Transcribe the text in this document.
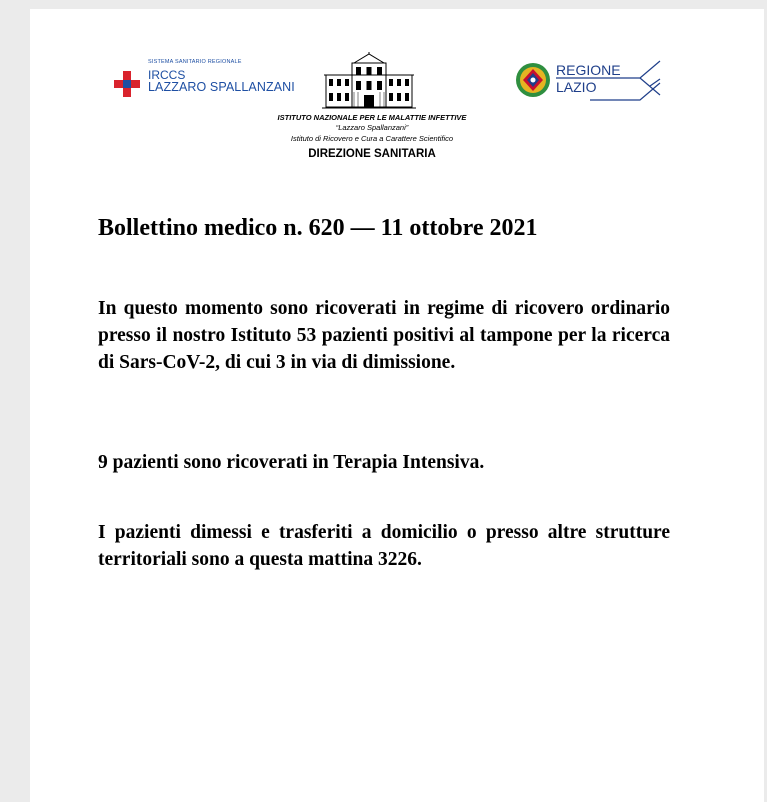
SISTEMA SANITARIO REGIONALE
IRCCS
LAZZARO SPALLANZANI
ISTITUTO NAZIONALE PER LE MALATTIE INFETTIVE
“Lazzaro Spallanzani”
Istituto di Ricovero e Cura a Carattere Scientifico
DIREZIONE SANITARIA
REGIONE
LAZIO
Bollettino medico n. 620 — 11 ottobre 2021
In questo momento sono ricoverati in regime di ricovero ordinario presso il nostro Istituto 53 pazienti positivi al tampone per la ricerca di Sars-CoV-2, di cui 3 in via di dimissione.
9 pazienti sono ricoverati in Terapia Intensiva.
I pazienti dimessi e trasferiti a domicilio o presso altre strutture territoriali sono a questa mattina 3226.
